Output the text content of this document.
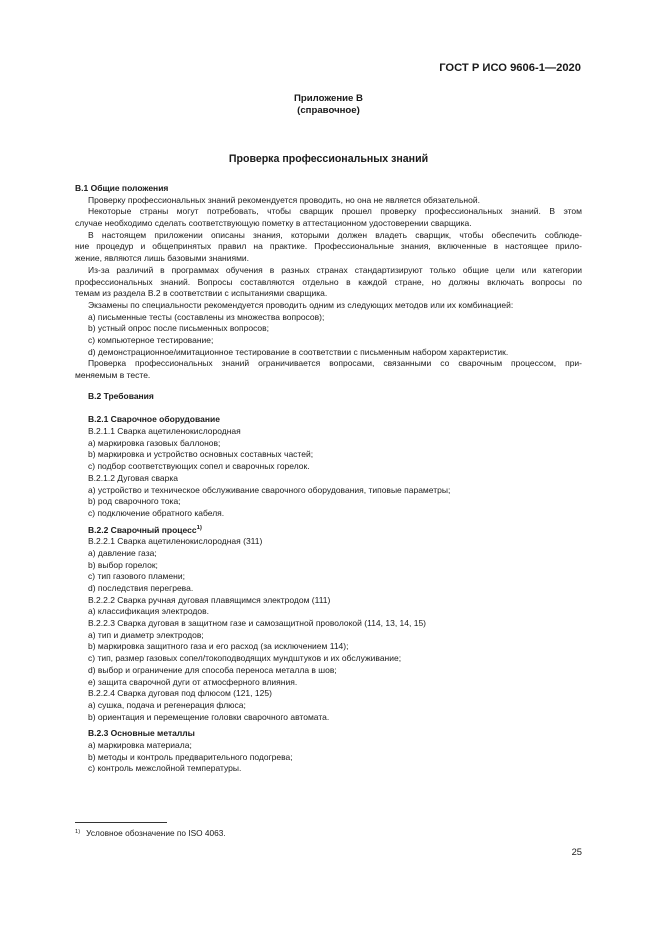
ГОСТ Р ИСО 9606-1—2020
Приложение В
(справочное)
Проверка профессиональных знаний
В.1 Общие положения
Проверку профессиональных знаний рекомендуется проводить, но она не является обязательной.
Некоторые страны могут потребовать, чтобы сварщик прошел проверку профессиональных знаний. В этом
случае необходимо сделать соответствующую пометку в аттестационном удостоверении сварщика.
В настоящем приложении описаны знания, которыми должен владеть сварщик, чтобы обеспечить соблюде-
ние процедур и общепринятых правил на практике. Профессиональные знания, включенные в настоящее прило-
жение, являются лишь базовыми знаниями.
Из-за различий в программах обучения в разных странах стандартизируют только общие цели или категории
профессиональных знаний. Вопросы составляются отдельно в каждой стране, но должны включать вопросы по
темам из раздела В.2 в соответствии с испытаниями сварщика.
Экзамены по специальности рекомендуется проводить одним из следующих методов или их комбинацией:
a) письменные тесты (составлены из множества вопросов);
b) устный опрос после письменных вопросов;
c) компьютерное тестирование;
d) демонстрационное/имитационное тестирование в соответствии с письменным набором характеристик.
Проверка профессиональных знаний ограничивается вопросами, связанными со сварочным процессом, при-
меняемым в тесте.
В.2 Требования
В.2.1 Сварочное оборудование
В.2.1.1 Сварка ацетиленокислородная
a) маркировка газовых баллонов;
b) маркировка и устройство основных составных частей;
c) подбор соответствующих сопел и сварочных горелок.
В.2.1.2 Дуговая сварка
a) устройство и техническое обслуживание сварочного оборудования, типовые параметры;
b) род сварочного тока;
c) подключение обратного кабеля.
В.2.2 Сварочный процесс$^{1)}$
В.2.2.1 Сварка ацетиленокислородная (311)
a) давление газа;
b) выбор горелок;
c) тип газового пламени;
d) последствия перегрева.
В.2.2.2 Сварка ручная дуговая плавящимся электродом (111)
a) классификация электродов.
В.2.2.3 Сварка дуговая в защитном газе и самозащитной проволокой (114, 13, 14, 15)
a) тип и диаметр электродов;
b) маркировка защитного газа и его расход (за исключением 114);
c) тип, размер газовых сопел/токоподводящих мундштуков и их обслуживание;
d) выбор и ограничение для способа переноса металла в шов;
e) защита сварочной дуги от атмосферного влияния.
В.2.2.4 Сварка дуговая под флюсом (121, 125)
a) сушка, подача и регенерация флюса;
b) ориентация и перемещение головки сварочного автомата.
В.2.3 Основные металлы
a) маркировка материала;
b) методы и контроль предварительного подогрева;
c) контроль межслойной температуры.
$^{1)}$ Условное обозначение по ISO 4063.
25
